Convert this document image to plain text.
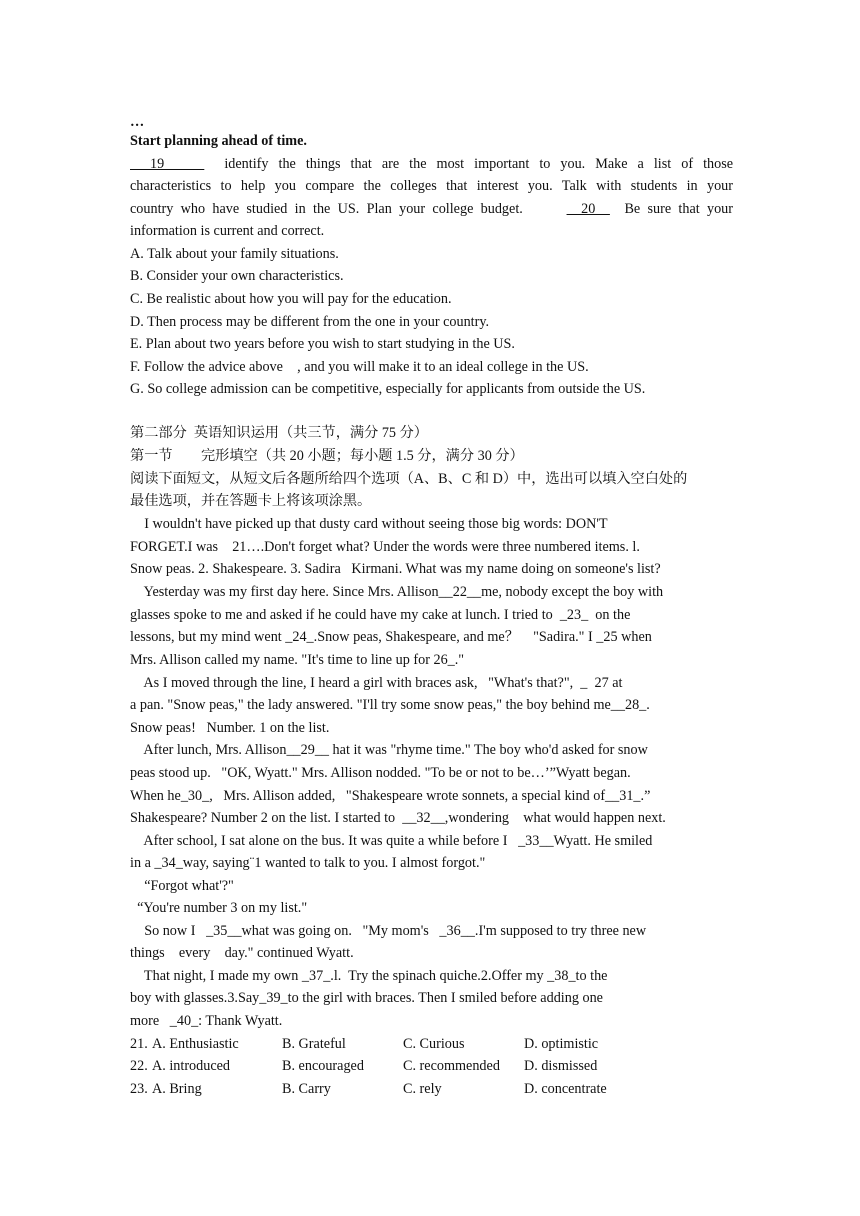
…
Start planning ahead of time.
19      identify the things that are the most important to you. Make a list of those
characteristics to help you compare the colleges that interest you. Talk with students in your
country who have studied in the US. Plan your college budget.	20    Be sure that your
information is current and correct.
A. Talk about your family situations.
B. Consider your own characteristics.
C. Be realistic about how you will pay for the education.
D. Then process may be different from the one in your country.
E. Plan about two years before you wish to start studying in the US.
F. Follow the advice above    , and you will make it to an ideal college in the US.
G. So college admission can be competitive, especially for applicants from outside the US.
第二部分  英语知识运用（共三节，满分 75 分）
第一节        完形填空（共 20 小题；每小题 1.5 分，满分 30 分）
阅读下面短文，从短文后各题所给四个选项（A、B、C 和 D）中，选出可以填入空白处的
最佳选项，并在答题卡上将该项涂黑。
I wouldn't have picked up that dusty card without seeing those big words: DON'T
FORGET.I was    21….Don't forget what? Under the words were three numbered items. l.
Snow peas. 2. Shakespeare. 3. Sadira   Kirmani. What was my name doing on someone's list?
Yesterday was my first day here. Since Mrs. Allison__22__me, nobody except the boy with
glasses spoke to me and asked if he could have my cake at lunch. I tried to  _23_  on the
lessons, but my mind went _24_.Snow peas, Shakespeare, and me？    "Sadira." I _25 when
Mrs. Allison called my name. "It's time to line up for 26_."
As I moved through the line, I heard a girl with braces ask,   "What's that?",  _  27 at
a pan. "Snow peas," the lady answered. "I'll try some snow peas," the boy behind me__28_.
Snow peas!   Number. 1 on the list.
After lunch, Mrs. Allison__29__ hat it was "rhyme time." The boy who'd asked for snow
peas stood up.   "OK, Wyatt." Mrs. Allison nodded. "To be or not to be…’”Wyatt began.
When he_30_,   Mrs. Allison added,   "Shakespeare wrote sonnets, a special kind of__31_.”
Shakespeare? Number 2 on the list. I started to  __32__,wondering    what would happen next.
After school, I sat alone on the bus. It was quite a while before I   _33__Wyatt. He smiled
in a _34_way, saying¨1 wanted to talk to you. I almost forgot."
“Forgot what'?"
“You're number 3 on my list."
So now I   _35__what was going on.   "My mom's   _36__.I'm supposed to try three new
things    every    day." continued Wyatt.
That night, I made my own _37_.l.  Try the spinach quiche.2.Offer my _38_to the
boy with glasses.3.Say_39_to the girl with braces. Then I smiled before adding one
more   _40_: Thank Wyatt.
21. A. Enthusiastic	B. Grateful	C. Curious	D. optimistic
22. A. introduced	B. encouraged	C. recommended D. dismissed
23. A. Bring	B. Carry	C. rely	D. concentrate
